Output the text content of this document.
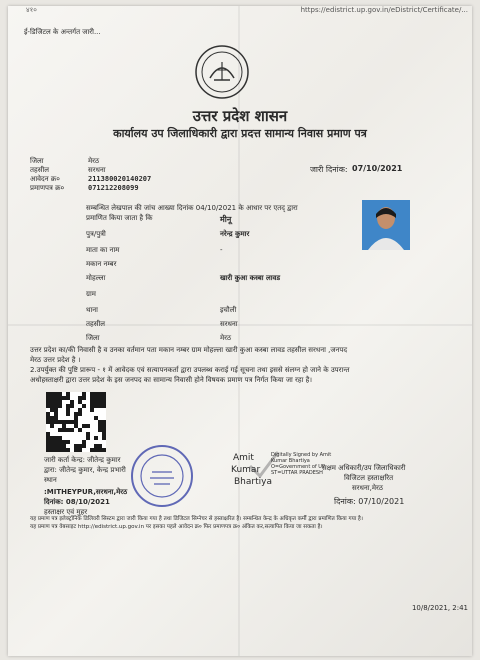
https://edistrict.up.gov.in/eDistrict/Certificate/...
४१०
ई-डिजिटल के अन्तर्गत जारी...
उत्तर प्रदेश शासन
कार्यालय उप जिलाधिकारी द्वारा प्रदत्त सामान्य निवास प्रमाण पत्र
जिला	मेरठ
तहसील	सरधना
आवेदन क्र०	211380020140207
प्रमाणपत्र क्र०	071212208099
जारी दिनांक: 07/10/2021
सम्बन्धित लेखपाल की जांच आख्या दिनांक 04/10/2021 के आधार पर एतद् द्वारा
प्रमाणित किया जाता है कि	मीनू
पुत्र/पुत्री	नरेन्द्र कुमार
माता का नाम	-
मकान नम्बर
मोहल्ला	खारी कुआ कस्बा लावड
ग्राम
थाना	इचौली
तहसील	सरधना
जिला	मेरठ
उत्तर प्रदेश का/की निवासी है व उनका वर्तमान पता मकान नम्बर ग्राम मोहल्ला खारी कुआ कस्बा लावड तहसील सरधना ,जनपद
मेरठ उत्तर प्रदेश है ।
2.उपर्युक्त की पुष्टि प्रारूप - १ में आवेदक एवं सत्यापनकर्ता द्वारा उपलब्ध कराई गई सूचना तथा इससे संलग्न हो जाने के उपरान्त
अधोहस्ताक्षरी द्वारा उत्तर प्रदेश के इस जनपद का सामान्य निवासी होने विषयक प्रमाण पत्र निर्गत किया जा रहा है।
जारी कर्ता केन्द्र: जीतेन्द्र कुमार
द्वारा: जीतेन्द्र कुमार, केन्द्र प्रभारी
स्थान
:MITHEYPUR,सरधना,मेरठ
दिनांक: 08/10/2021
हस्ताक्षर एवं मुहर
Amit
Kumar
Bhartiya
Digitally Signed by Amit
Kumar Bhartiya
O=Government of UP,
ST=UTTAR PRADESH
सक्षम अधिकारी/उप जिलाधिकारी
विजिटल हस्ताक्षरित
सरधना,मेरठ
दिनांक: 07/10/2021
यह प्रमाण पत्र इलेक्ट्रॉनिक डिलिवरी सिस्टम द्वारा जारी किया गया है तथा डिजिटल सिग्नेचर से हस्ताक्षरित है। सम्बन्धित केन्द्र के अधिकृत कर्मी द्वारा प्रमाणित किया गया है।
यह प्रमाण पत्र वेबसाइट http://edistrict.up.gov.in पर इसका पहले आवेदन क्र० फिर प्रमाणपत्र क्र० अंकित कर,सत्यापित किया जा सकता है।
10/8/2021, 2:41
